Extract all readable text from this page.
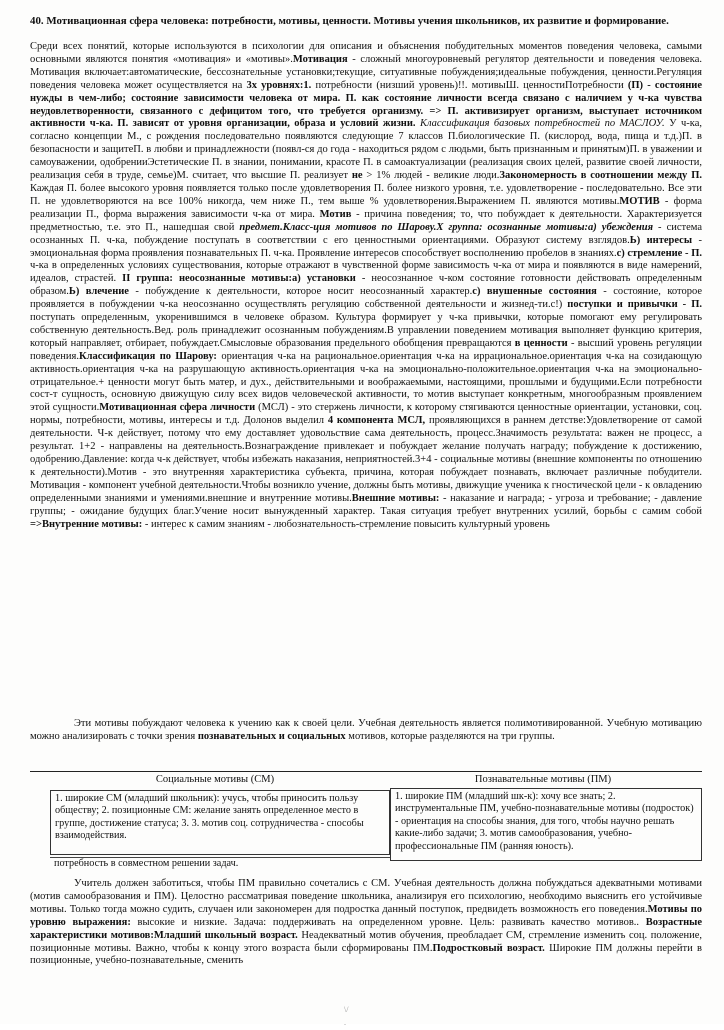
40. Мотивационная сфера человека: потребности, мотивы, ценности. Мотивы учения школьников, их развитие и формирование.
Среди всех понятий, которые используются в психологии для описания и объяснения побудительных моментов поведения человека, самыми основными являются понятия «мотивация» и «мотивы».Мотивация - сложный многоуровневый регулятор деятельности и поведения человека. Мотивация включает:автоматические, бессознательные установки;текущие, ситуативные побуждения;идеальные побуждения, ценности.Регуляция поведения человека может осуществляется на 3х уровнях:1. потребности (низший уровень)!!. мотивыШ. ценностиПотребности (П) - состояние нужды в чем-либо; состояние зависимости человека от мира. П. как состояние личности всегда связано с наличием у ч-ка чувства неудовлетворенности, связанного с дефицитом того, что требуется организму. => П. активизирует организм, выступает источником активности ч-ка. П. зависят от уровня организации, образа и условий жизни. Классификация базовых потребностей по МАСЛОУ. У ч-ка, согласно концепции М., с рождения последовательно появляются следующие 7 классов П.биологические П. (кислород, вода, пища и т.д.)П. в безопасности и защитеП. в любви и принадлежности (появл-ся до года - находиться рядом с людьми, быть признанным и принятым)П. в уважении и самоуважении, одобренииЭстетические П. в знании, понимании, красоте П. в самоактуализации (реализация своих целей, развитие своей личности, реализация себя в труде, семье)М. считает, что высшие П. реализует не > 1% людей - великие люди.Закономерность в соотношении между П. Каждая П. более высокого уровня появляется только после удовлетворения П. более низкого уровня, т.е. удовлетворение - последовательно. Все эти П. не удовлетворяются на все 100% никогда, чем ниже П., тем выше % удовлетворения.Выражением П. являются мотивы.МОТИВ - форма реализации П., форма выражения зависимости ч-ка от мира. Мотив - причина поведения; то, что побуждает к деятельности. Характеризуется предметностью, т.е. это П., нашедшая свой предмет.Класс-ция мотивов по Шарову.Х группа: осознанные мотивы:а) убеждения - система осознанных П. ч-ка, побуждение поступать в соответствии с его ценностными ориентациями. Образуют систему взглядов.Ь) интересы - эмоциональная форма проявления познавательных П. ч-ка. Проявление интересов способствует восполнению пробелов в знаниях.с) стремление - П. ч-ка в определенных условиях существования, которые отражают в чувственной форме зависимость ч-ка от мира и появляются в виде намерений, идеалов, страстей. II группа: неосознанные мотивы:а) установки - неосознанное ч-ком состояние готовности действовать определенным образом.Ь) влечение - побуждение к деятельности, которое носит неосознанный характер.с) внушенные состояния - состояние, которое проявляется в побуждении ч-ка неосознанно осуществлять регуляцию собственной деятельности и жизнед-ти.с!) поступки и привычки - П. поступать определенным, укоренившимся в человеке образом. Культура формирует у ч-ка привычки, которые помогают ему регулировать собственную деятельность.Вед. роль принадлежит осознанным побуждениям.В управлении поведением мотивация выполняет функцию критерия, который направляет, отбирает, побуждает.Смысловые образования предельного обобщения превращаются в ценности - высший уровень регуляции поведения.Классификация по Шарову: ориентация ч-ка на рациональное.ориентация ч-ка на иррациональное.ориентация ч-ка на созидающую активность.ориентация ч-ка на разрушающую активность.ориентация ч-ка на эмоционально-положительное.ориентация ч-ка на эмоционально-отрицательное.+ ценности могут быть матер, и дух., действительными и воображаемыми, настоящими, прошлыми и будущими.Если потребности сост-т сущность, основную движущую силу всех видов человеческой активности, то мотив выступает конкретным, многообразным проявлением этой сущности.Мотивационная сфера личности (МСЛ) - это стержень личности, к которому стягиваются ценностные ориентации, установки, соц. нормы, потребности, мотивы, интересы и т.д. Долонов выделил 4 компонента МСЛ, проявляющихся в раннем детстве:Удовлетворение от самой деятельности. Ч-к действует, потому что ему доставляет удовольствие сама деятельность, процесс.Значимость результата: важен не процесс, а результат. 1+2 - направлены на деятельность.Вознаграждение привлекает и побуждает желание получать награду; побуждение к достижению, одобрению.Давление: когда ч-к действует, чтобы избежать наказания, неприятностей.3+4 - социальные мотивы (внешние компоненты по отношению к деятельности).Мотив - это внутренняя характеристика субъекта, причина, которая побуждает познавать, включает различные побудители. Мотивация - компонент учебной деятельности.Чтобы возникло учение, должны быть мотивы, движущие ученика к гностической цели - к овладению определенными знаниями и умениями.внешние и внутренние мотивы.Внешние мотивы: - наказание и награда; - угроза и требование; - давление группы; - ожидание будущих благ.Учение носит вынужденный характер. Такая ситуация требует внутренних усилий, борьбы с самим собой =>Внутренние мотивы: - интерес к самим знаниям - любознательность-стремление повысить культурный уровень
Эти мотивы побуждают человека к учению как к своей цели. Учебная деятельность является полимотивированной. Учебную мотивацию можно анализировать с точки зрения познавательных и социальных мотивов, которые разделяются на три группы.
Социальные мотивы (СМ)	Познавательные мотивы (ПМ)
1. широкие СМ (младший школьник): учусь, чтобы приносить пользу обществу; 2. позиционные СМ: желание занять определенное место в группе, достижение статуса; 3. 3. мотив соц. сотрудничества - способы взаимодействия.
1. широкие ПМ (младший шк-к): хочу все знать; 2. инструментальные ПМ, учебно-познавательные мотивы (подросток) - ориентация на способы знания, для того, чтобы научно решать какие-либо задачи; 3. мотив самообразования, учебно-профессиональные ПМ (ранняя юность).
потребность в совместном решении задач.
Учитель должен заботиться, чтобы ПМ правильно сочетались с СМ. Учебная деятельность должна побуждаться адекватными мотивами (мотив самообразования и ПМ). Целостно рассматривая поведение школьника, анализируя его психологию, необходимо выяснить его устойчивые мотивы. Только тогда можно судить, случаен или закономерен для подростка данный поступок, предвидеть возможность его поведения.Мотивы по уровню выражения: высокие и низкие. Задача: поддерживать на определенном уровне. Цель: развивать качество мотивов.. Возрастные характеристики мотивов:Младший школьный возраст. Неадекватный мотив обучения, преобладает СМ, стремление изменить соц. положение, позиционные мотивы. Важно, чтобы к концу этого возраста были сформированы ПМ.Подростковый возраст. Широкие ПМ должны перейти в позиционные, учебно-познавательные, сменить
\/ .
